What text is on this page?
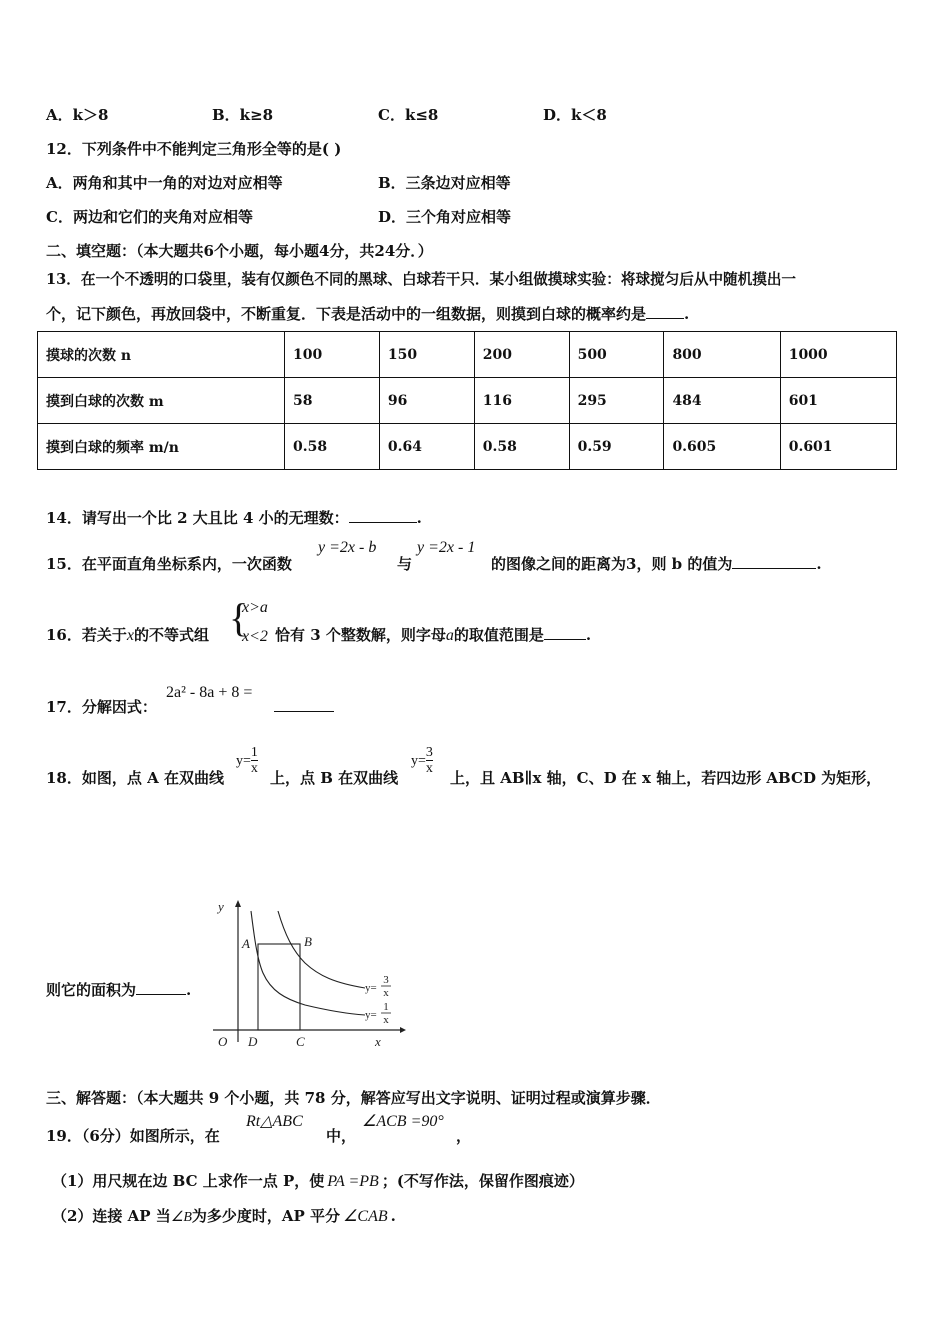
A．k＞8	B．k≥8	C．k≤8	D．k＜8
12．下列条件中不能判定三角形全等的是( )
A．两角和其中一角的对边对应相等	B．三条边对应相等
C．两边和它们的夹角对应相等	D．三个角对应相等
二、填空题：（本大题共6个小题，每小题4分，共24分．）
13．在一个不透明的口袋里，装有仅颜色不同的黑球、白球若干只．某小组做摸球实验：将球搅匀后从中随机摸出一
个，记下颜色，再放回袋中，不断重复．下表是活动中的一组数据，则摸到白球的概率约是	.
摸球的次数 n	100	150	200	500	800	1000
摸到白球的次数 m	58	96	116	295	484	601
摸到白球的频率 m/n	0.58	0.64	0.58	0.59	0.605	0.601
14．请写出一个比 2 大且比 4 小的无理数：	.
15．在平面直角坐标系内，一次函数
y =2x - b
与
y =2x - 1
的图像之间的距离为3，则 b 的值为	.
16．若关于x的不等式组 {
x>a
x<2 恰有 3 个整数解，则字母a的取值范围是	.
17．分解因式：
2a² - 8a + 8 =
18．如图，点 A 在双曲线
$y= \frac{1}{x}$
上，点 B 在双曲线
$y= \frac{3}{x}$
上，且 AB∥x 轴，C、D 在 x 轴上，若四边形 ABCD 为矩形，
则它的面积为	.
y
A	B
O D	C	x
y=
3
x
y=
1
x
三、解答题：（本大题共 9 个小题，共 78 分，解答应写出文字说明、证明过程或演算步骤．
19．（6分）如图所示，在
Rt△ABC
中，
∠ACB =90°
，
（1）用尺规在边 BC 上求作一点 P，使 PA =PB ；(不写作法，保留作图痕迹）
（2）连接 AP 当∠B为多少度时，AP 平分 ∠CAB .
